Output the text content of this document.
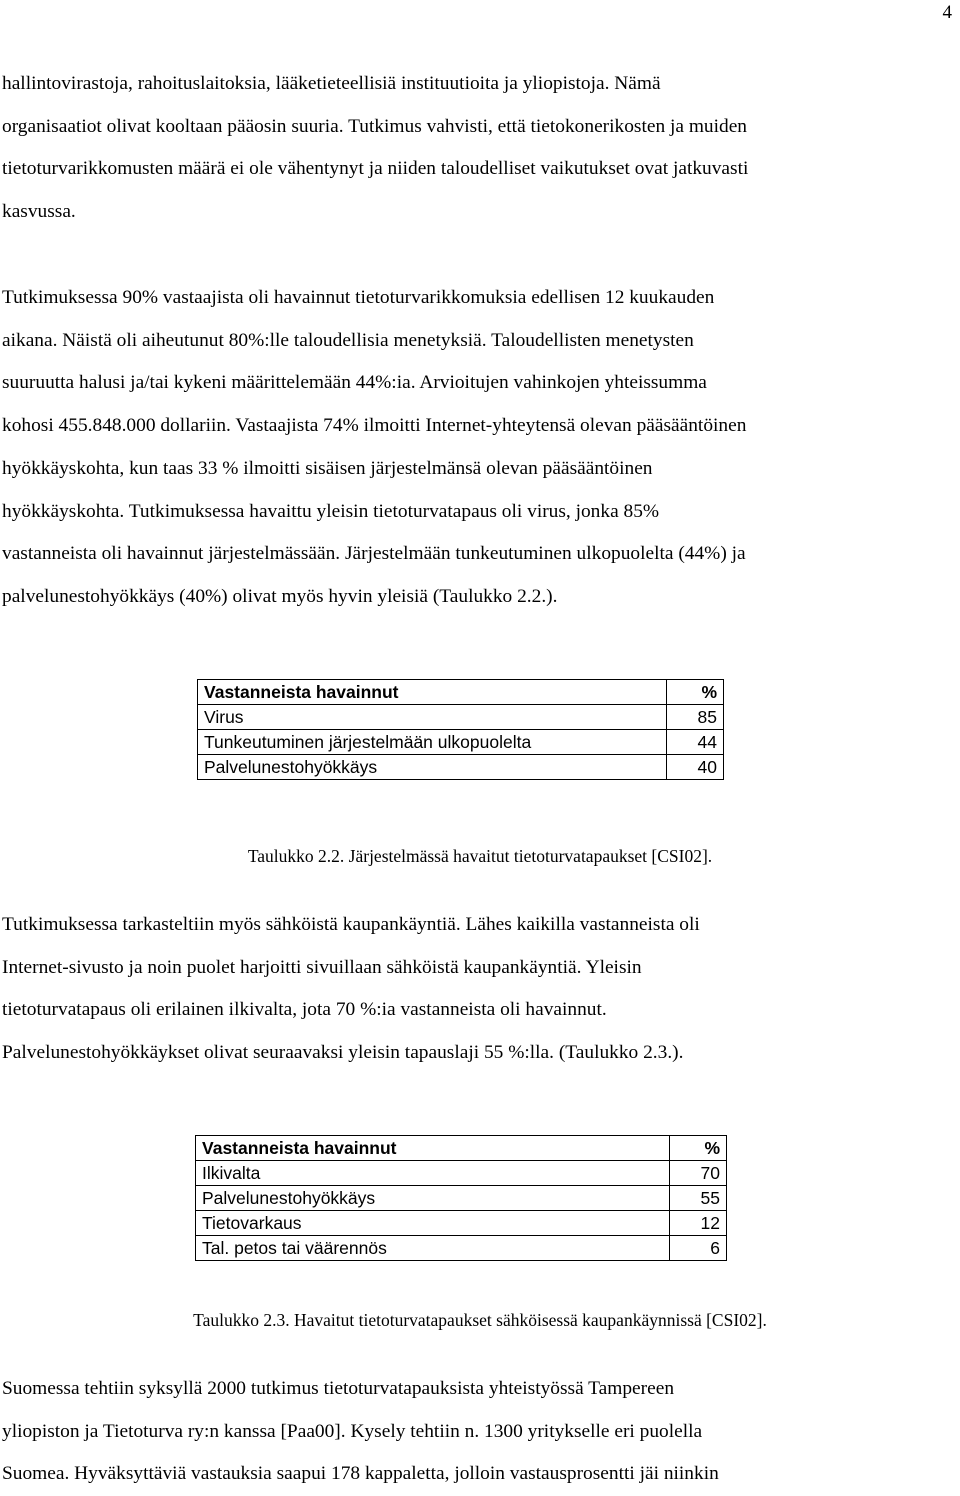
4

hallintovirastoja, rahoituslaitoksia, lääketieteellisiä instituutioita ja yliopistoja. Nämä
organisaatiot olivat kooltaan pääosin suuria. Tutkimus vahvisti, että tietokonerikosten ja muiden
tietoturvarikkomusten määrä ei ole vähentynyt ja niiden taloudelliset vaikutukset ovat jatkuvasti
kasvussa.

Tutkimuksessa 90% vastaajista oli havainnut tietoturvarikkomuksia edellisen 12 kuukauden
aikana. Näistä oli aiheutunut 80%:lle taloudellisia menetyksiä. Taloudellisten menetysten
suuruutta halusi ja/tai kykeni määrittelemään 44%:ia. Arvioitujen vahinkojen yhteissumma
kohosi 455.848.000 dollariin. Vastaajista 74% ilmoitti Internet-yhteytensä olevan pääsääntöinen
hyökkäyskohta, kun taas 33 % ilmoitti sisäisen järjestelmänsä olevan pääsääntöinen
hyökkäyskohta. Tutkimuksessa havaittu yleisin tietoturvatapaus oli virus, jonka 85%
vastanneista oli havainnut järjestelmässään. Järjestelmään tunkeutuminen ulkopuolelta (44%) ja
palvelunestohyökkäys (40%) olivat myös hyvin yleisiä (Taulukko 2.2.).

Vastanneista havainnut	%
Virus	85
Tunkeutuminen järjestelmään ulkopuolelta	44
Palvelunestohyökkäys	40
Taulukko 2.2. Järjestelmässä havaitut tietoturvatapaukset [CSI02].

Tutkimuksessa tarkasteltiin myös sähköistä kaupankäyntiä. Lähes kaikilla vastanneista oli
Internet-sivusto ja noin puolet harjoitti sivuillaan sähköistä kaupankäyntiä. Yleisin
tietoturvatapaus oli erilainen ilkivalta, jota 70 %:ia vastanneista oli havainnut.
Palvelunestohyökkäykset olivat seuraavaksi yleisin tapauslaji 55 %:lla. (Taulukko 2.3.).

Vastanneista havainnut	%
Ilkivalta	70
Palvelunestohyökkäys	55
Tietovarkaus	12
Tal. petos tai väärennös	6
Taulukko 2.3. Havaitut tietoturvatapaukset sähköisessä kaupankäynnissä [CSI02].

Suomessa tehtiin syksyllä 2000 tutkimus tietoturvatapauksista yhteistyössä Tampereen
yliopiston ja Tietoturva ry:n kanssa [Paa00]. Kysely tehtiin n. 1300 yritykselle eri puolella
Suomea. Hyväksyttäviä vastauksia saapui 178 kappaletta, jolloin vastausprosentti jäi niinkin
